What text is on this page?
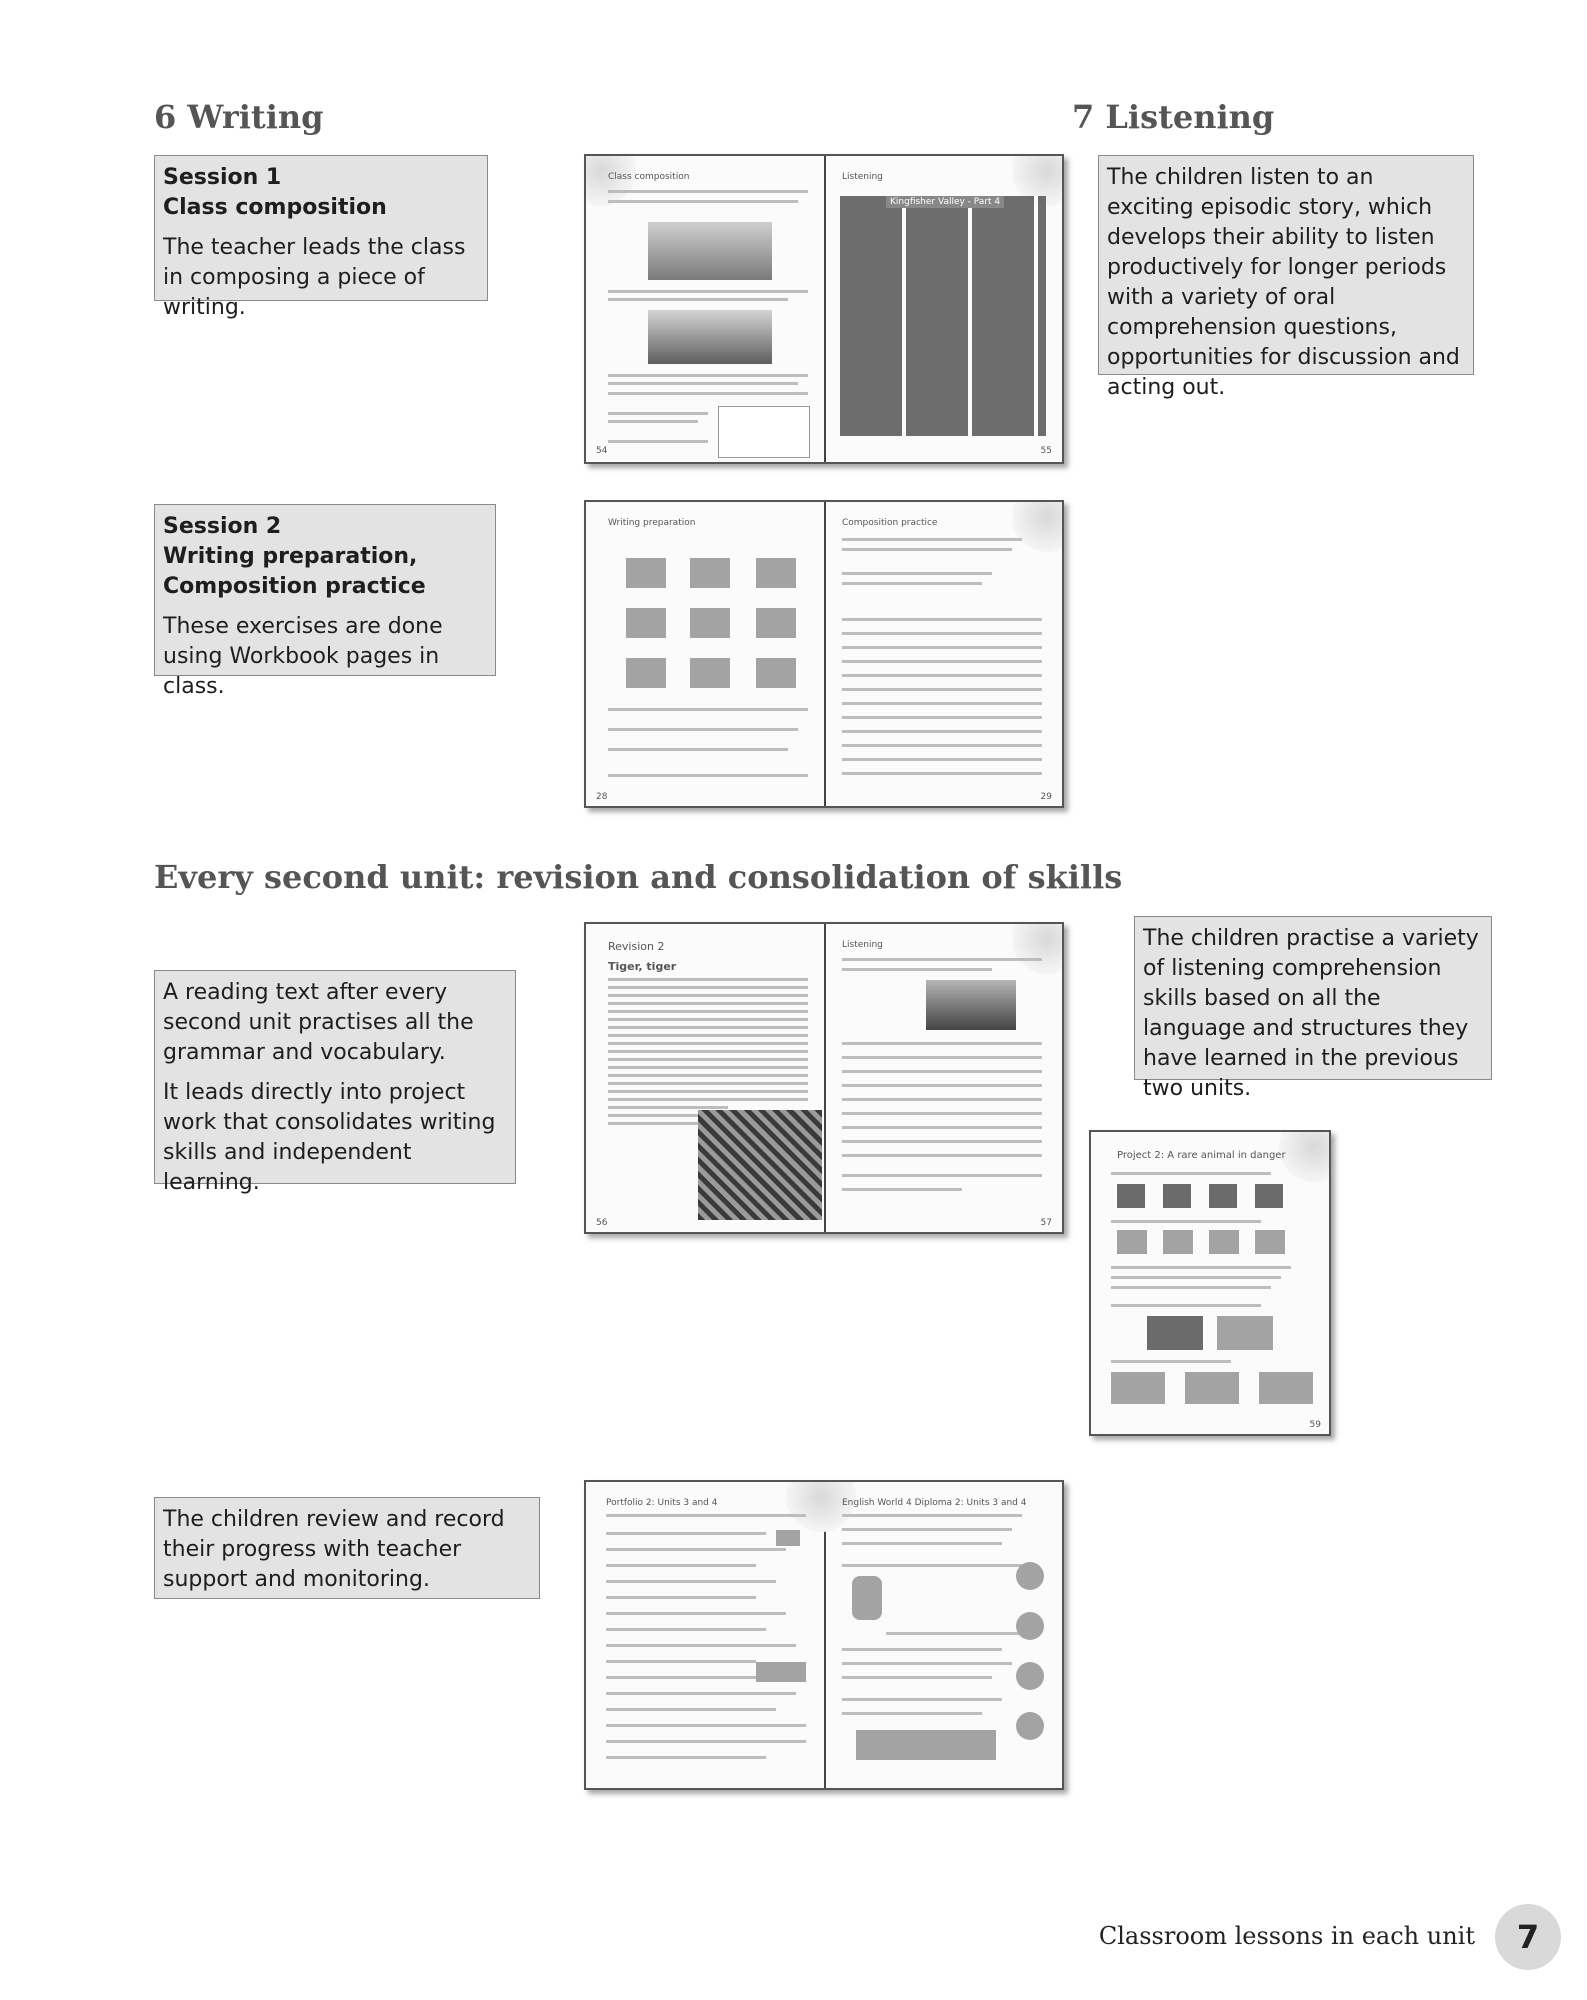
6 Writing	7 Listening
Every second unit: revision and consolidation of skills
Session 1
Class composition

The teacher leads the class in composing a piece of writing.

The children listen to an exciting episodic story, which develops their ability to listen productively for longer periods with a variety of oral comprehension questions, opportunities for discussion and acting out.

Session 2
Writing preparation,
Composition practice

These exercises are done using Workbook pages in class.

A reading text after every second unit practises all the grammar and vocabulary.

It leads directly into project work that consolidates writing skills and independent learning.

The children practise a variety of listening comprehension skills based on all the language and structures they have learned in the previous two units.

The children review and record their progress with teacher support and monitoring.

Class composition	Listening
54	55
Kingfisher Valley - Part 4
Writing preparation	Composition practice
28	29
Revision 2
Tiger, tiger
Listening
56	57
Project 2: A rare animal in danger
59
Portfolio 2: Units 3 and 4	English World 4 Diploma 2: Units 3 and 4
Classroom lessons in each unit	7
